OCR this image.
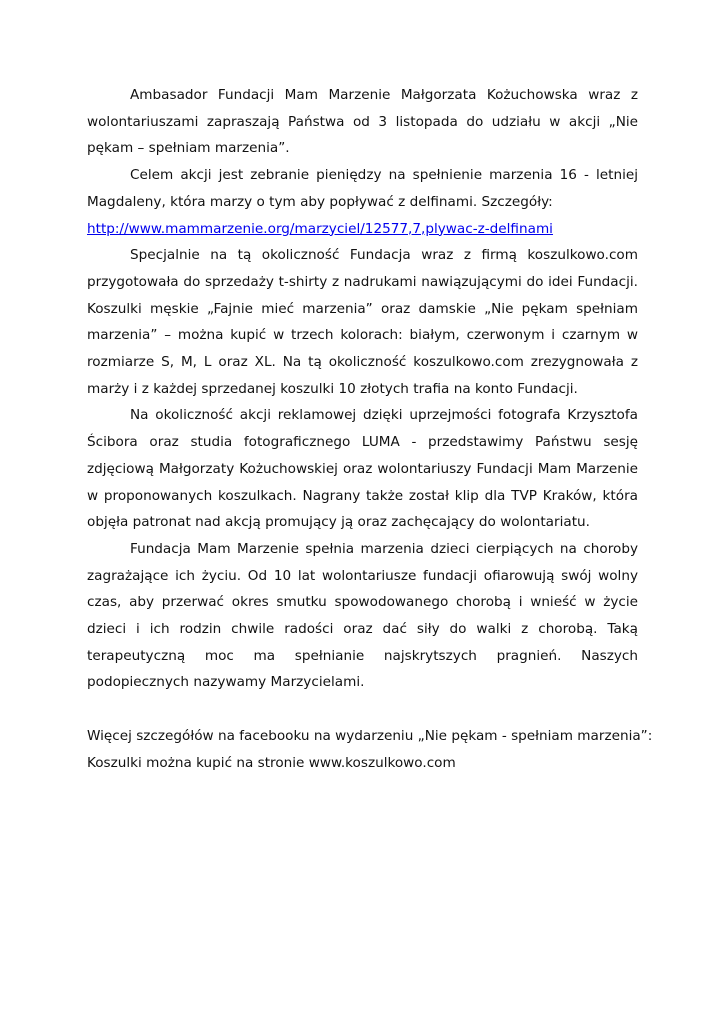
Ambasador Fundacji Mam Marzenie Małgorzata Kożuchowska wraz z wolontariuszami zapraszają Państwa od 3 listopada do udziału w akcji „Nie pękam – spełniam marzenia”.

Celem akcji jest zebranie pieniędzy na spełnienie marzenia 16 - letniej Magdaleny, która marzy o tym aby popływać z delfinami. Szczegóły:
http://www.mammarzenie.org/marzyciel/12577,7,plywac-z-delfinami

Specjalnie na tą okoliczność Fundacja wraz z firmą koszulkowo.com przygotowała do sprzedaży t-shirty z nadrukami nawiązującymi do idei Fundacji. Koszulki męskie „Fajnie mieć marzenia” oraz damskie „Nie pękam spełniam marzenia” – można kupić w trzech kolorach: białym, czerwonym i czarnym w rozmiarze S, M, L oraz XL. Na tą okoliczność koszulkowo.com zrezygnowała z marży i z każdej sprzedanej koszulki 10 złotych trafia na konto Fundacji.

Na okoliczność akcji reklamowej dzięki uprzejmości fotografa Krzysztofa Ścibora oraz studia fotograficznego LUMA - przedstawimy Państwu sesję zdjęciową Małgorzaty Kożuchowskiej oraz wolontariuszy Fundacji Mam Marzenie w proponowanych koszulkach. Nagrany także został klip dla TVP Kraków, która objęła patronat nad akcją promujący ją oraz zachęcający do wolontariatu.

Fundacja Mam Marzenie spełnia marzenia dzieci cierpiących na choroby zagrażające ich życiu. Od 10 lat wolontariusze fundacji ofiarowują swój wolny czas, aby przerwać okres smutku spowodowanego chorobą i wnieść w życie dzieci i ich rodzin chwile radości oraz dać siły do walki z chorobą. Taką terapeutyczną moc ma spełnianie najskrytszych pragnień. Naszych podopiecznych nazywamy Marzycielami.

Więcej szczegółów na facebooku na wydarzeniu „Nie pękam - spełniam marzenia”:

Koszulki można kupić na stronie www.koszulkowo.com
